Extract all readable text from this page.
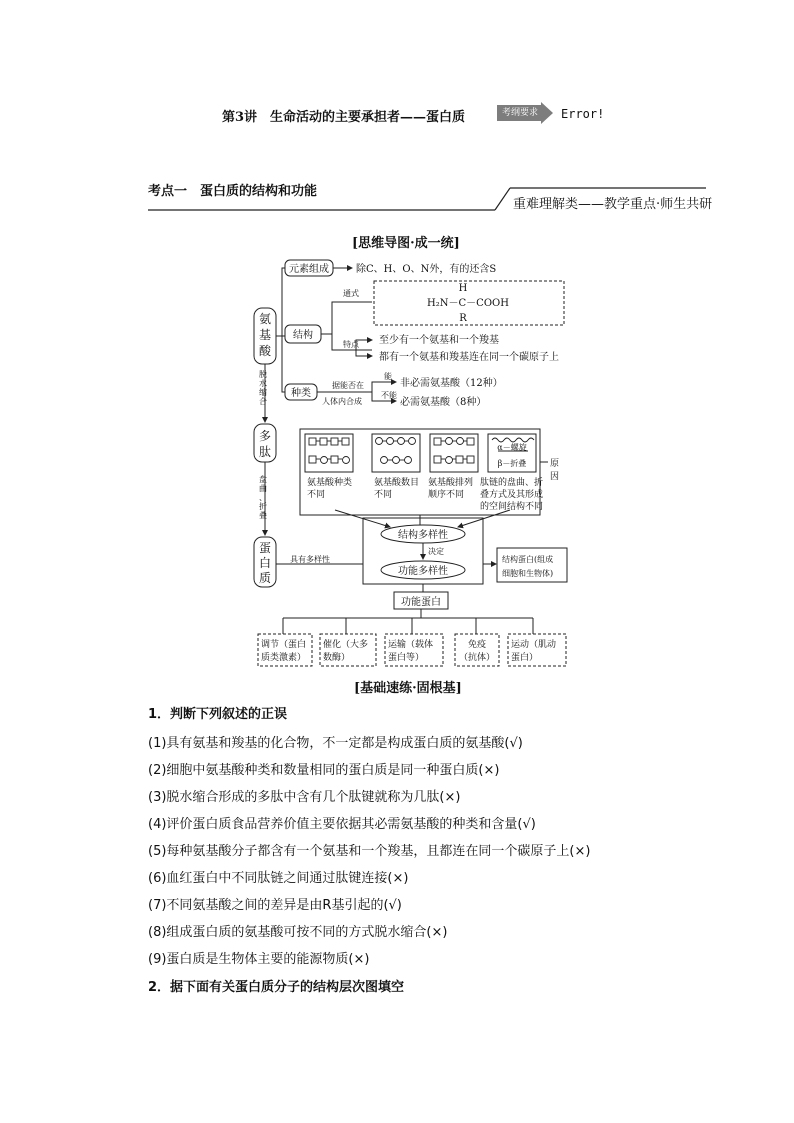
第3讲　生命活动的主要承担者——蛋白质	考纲要求	Error!
考点一　蛋白质的结构和功能
重难理解类——教学重点·师生共研
[思维导图·成一统]
氨
基
酸
多
肽
蛋
白
质
脱
水
缩
合
盘
曲
、
折
叠
元素组成	除C、H、O、N外，有的还含S
结构
通式	H
H₂N－C－COOH
R
特点 至少有一个氨基和一个羧基
都有一个氨基和羧基连在同一个碳原子上
种类
据能否在
人体内合成
能
不能
非必需氨基酸（12种）
必需氨基酸（8种）
α－螺旋
β－折叠	原
因
氨基酸种类
不同
氨基酸数目
不同
氨基酸排列
顺序不同
肽链的盘曲、折
叠方式及其形成
的空间结构不同
结构多样性
决定
功能多样性
具有多样性	结构蛋白(组成
细胞和生物体)
功能蛋白
调节（蛋白
质类激素）
催化（大多
数酶）
运输（载体
蛋白等）
免疫
（抗体）
运动（肌动
蛋白）
[基础速练·固根基]
1．判断下列叙述的正误
(1)具有氨基和羧基的化合物，不一定都是构成蛋白质的氨基酸(√)
(2)细胞中氨基酸种类和数量相同的蛋白质是同一种蛋白质(×)
(3)脱水缩合形成的多肽中含有几个肽键就称为几肽(×)
(4)评价蛋白质食品营养价值主要依据其必需氨基酸的种类和含量(√)
(5)每种氨基酸分子都含有一个氨基和一个羧基，且都连在同一个碳原子上(×)
(6)血红蛋白中不同肽链之间通过肽键连接(×)
(7)不同氨基酸之间的差异是由R基引起的(√)
(8)组成蛋白质的氨基酸可按不同的方式脱水缩合(×)
(9)蛋白质是生物体主要的能源物质(×)
2．据下面有关蛋白质分子的结构层次图填空
